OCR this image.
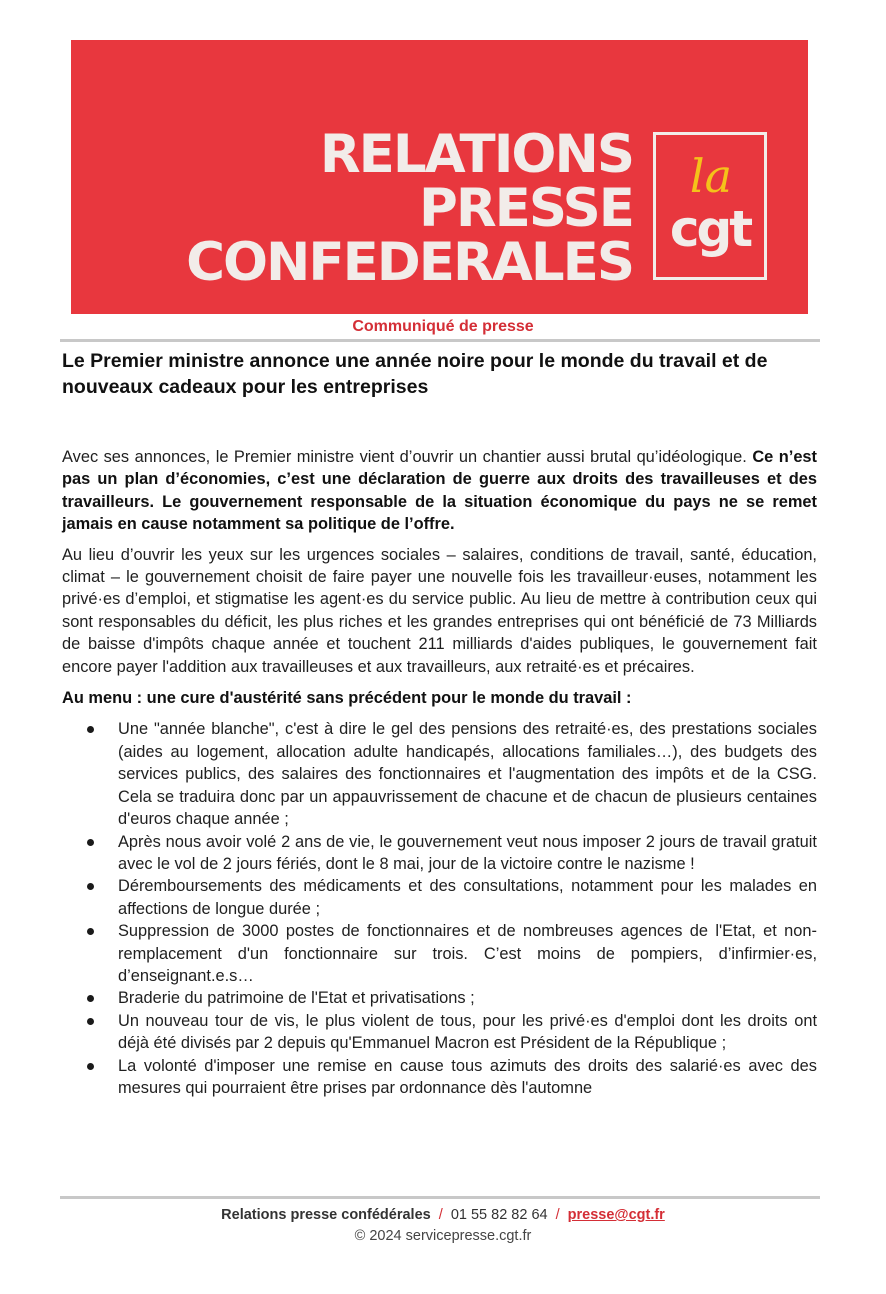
RELATIONS
PRESSE
CONFEDERALES
la
cgt
Communiqué de presse
Le Premier ministre annonce une année noire pour le monde du travail et de nouveaux cadeaux pour les entreprises

Avec ses annonces, le Premier ministre vient d’ouvrir un chantier aussi brutal qu’idéologique. Ce n’est pas un plan d’économies, c’est une déclaration de guerre aux droits des travailleuses et des travailleurs. Le gouvernement responsable de la situation économique du pays ne se remet jamais en cause notamment sa politique de l’offre.

Au lieu d’ouvrir les yeux sur les urgences sociales – salaires, conditions de travail, santé, éducation, climat – le gouvernement choisit de faire payer une nouvelle fois les travailleur·euses, notamment les privé·es d’emploi, et stigmatise les agent·es du service public. Au lieu de mettre à contribution ceux qui sont responsables du déficit, les plus riches et les grandes entreprises qui ont bénéficié de 73 Milliards de baisse d'impôts chaque année et touchent 211 milliards d'aides publiques, le gouvernement fait encore payer l'addition aux travailleuses et aux travailleurs, aux retraité·es et précaires.

Au menu : une cure d'austérité sans précédent pour le monde du travail :

Une "année blanche", c'est à dire le gel des pensions des retraité·es, des prestations sociales (aides au logement, allocation adulte handicapés, allocations familiales…), des budgets des services publics, des salaires des fonctionnaires et l'augmentation des impôts et de la CSG. Cela se traduira donc par un appauvrissement de chacune et de chacun de plusieurs centaines d'euros chaque année ;
Après nous avoir volé 2 ans de vie, le gouvernement veut nous imposer 2 jours de travail gratuit avec le vol de 2 jours fériés, dont le 8 mai, jour de la victoire contre le nazisme !
Déremboursements des médicaments et des consultations, notamment pour les malades en affections de longue durée ;
Suppression de 3000 postes de fonctionnaires et de nombreuses agences de l'Etat, et non-remplacement d'un fonctionnaire sur trois. C’est moins de pompiers, d’infirmier·es, d’enseignant.e.s…
Braderie du patrimoine de l'Etat et privatisations ;
Un nouveau tour de vis, le plus violent de tous, pour les privé·es d'emploi dont les droits ont déjà été divisés par 2 depuis qu'Emmanuel Macron est Président de la République ;
La volonté d'imposer une remise en cause tous azimuts des droits des salarié·es avec des mesures qui pourraient être prises par ordonnance dès l'automne
Relations presse confédérales / 01 55 82 82 64 / presse@cgt.fr
© 2024 servicepresse.cgt.fr
